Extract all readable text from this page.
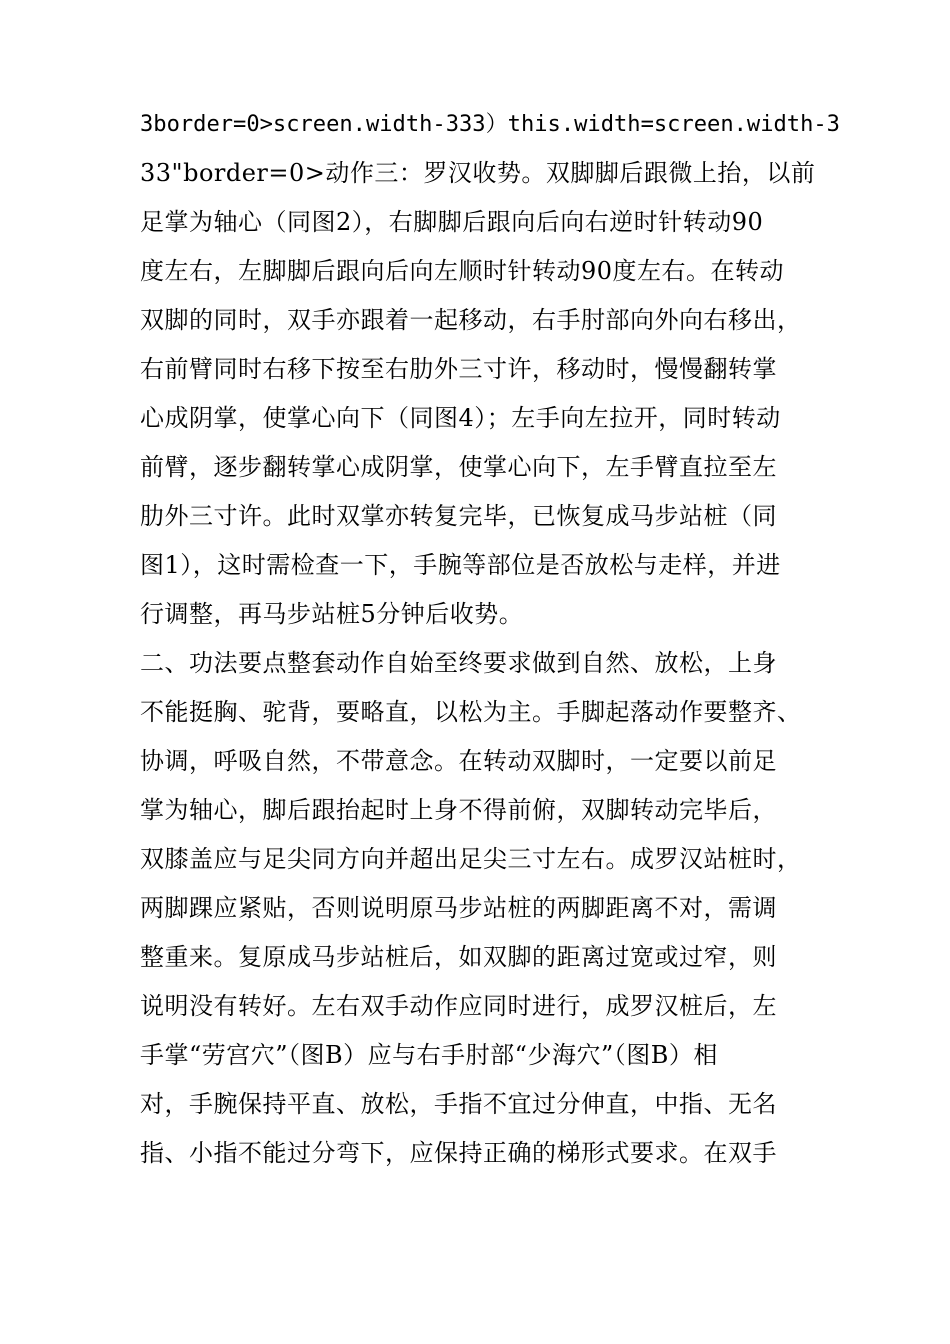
3border=0>screen.width-333）this.width=screen.width-3
33"border=0>动作三：罗汉收势。双脚脚后跟微上抬，以前
足掌为轴心（同图2），右脚脚后跟向后向右逆时针转动90
度左右，左脚脚后跟向后向左顺时针转动90度左右。在转动
双脚的同时，双手亦跟着一起移动，右手肘部向外向右移出，
右前臂同时右移下按至右肋外三寸许，移动时，慢慢翻转掌
心成阴掌，使掌心向下（同图4）；左手向左拉开，同时转动
前臂，逐步翻转掌心成阴掌，使掌心向下，左手臂直拉至左
肋外三寸许。此时双掌亦转复完毕，已恢复成马步站桩（同
图1），这时需检查一下，手腕等部位是否放松与走样，并进
行调整，再马步站桩5分钟后收势。
二、功法要点整套动作自始至终要求做到自然、放松，上身
不能挺胸、驼背，要略直，以松为主。手脚起落动作要整齐、
协调，呼吸自然，不带意念。在转动双脚时，一定要以前足
掌为轴心，脚后跟抬起时上身不得前俯，双脚转动完毕后，
双膝盖应与足尖同方向并超出足尖三寸左右。成罗汉站桩时，
两脚踝应紧贴，否则说明原马步站桩的两脚距离不对，需调
整重来。复原成马步站桩后，如双脚的距离过宽或过窄，则
说明没有转好。左右双手动作应同时进行，成罗汉桩后，左
手掌“劳宫穴”（图B）应与右手肘部“少海穴”（图B）相
对，手腕保持平直、放松，手指不宜过分伸直，中指、无名
指、小指不能过分弯下，应保持正确的梯形式要求。在双手
